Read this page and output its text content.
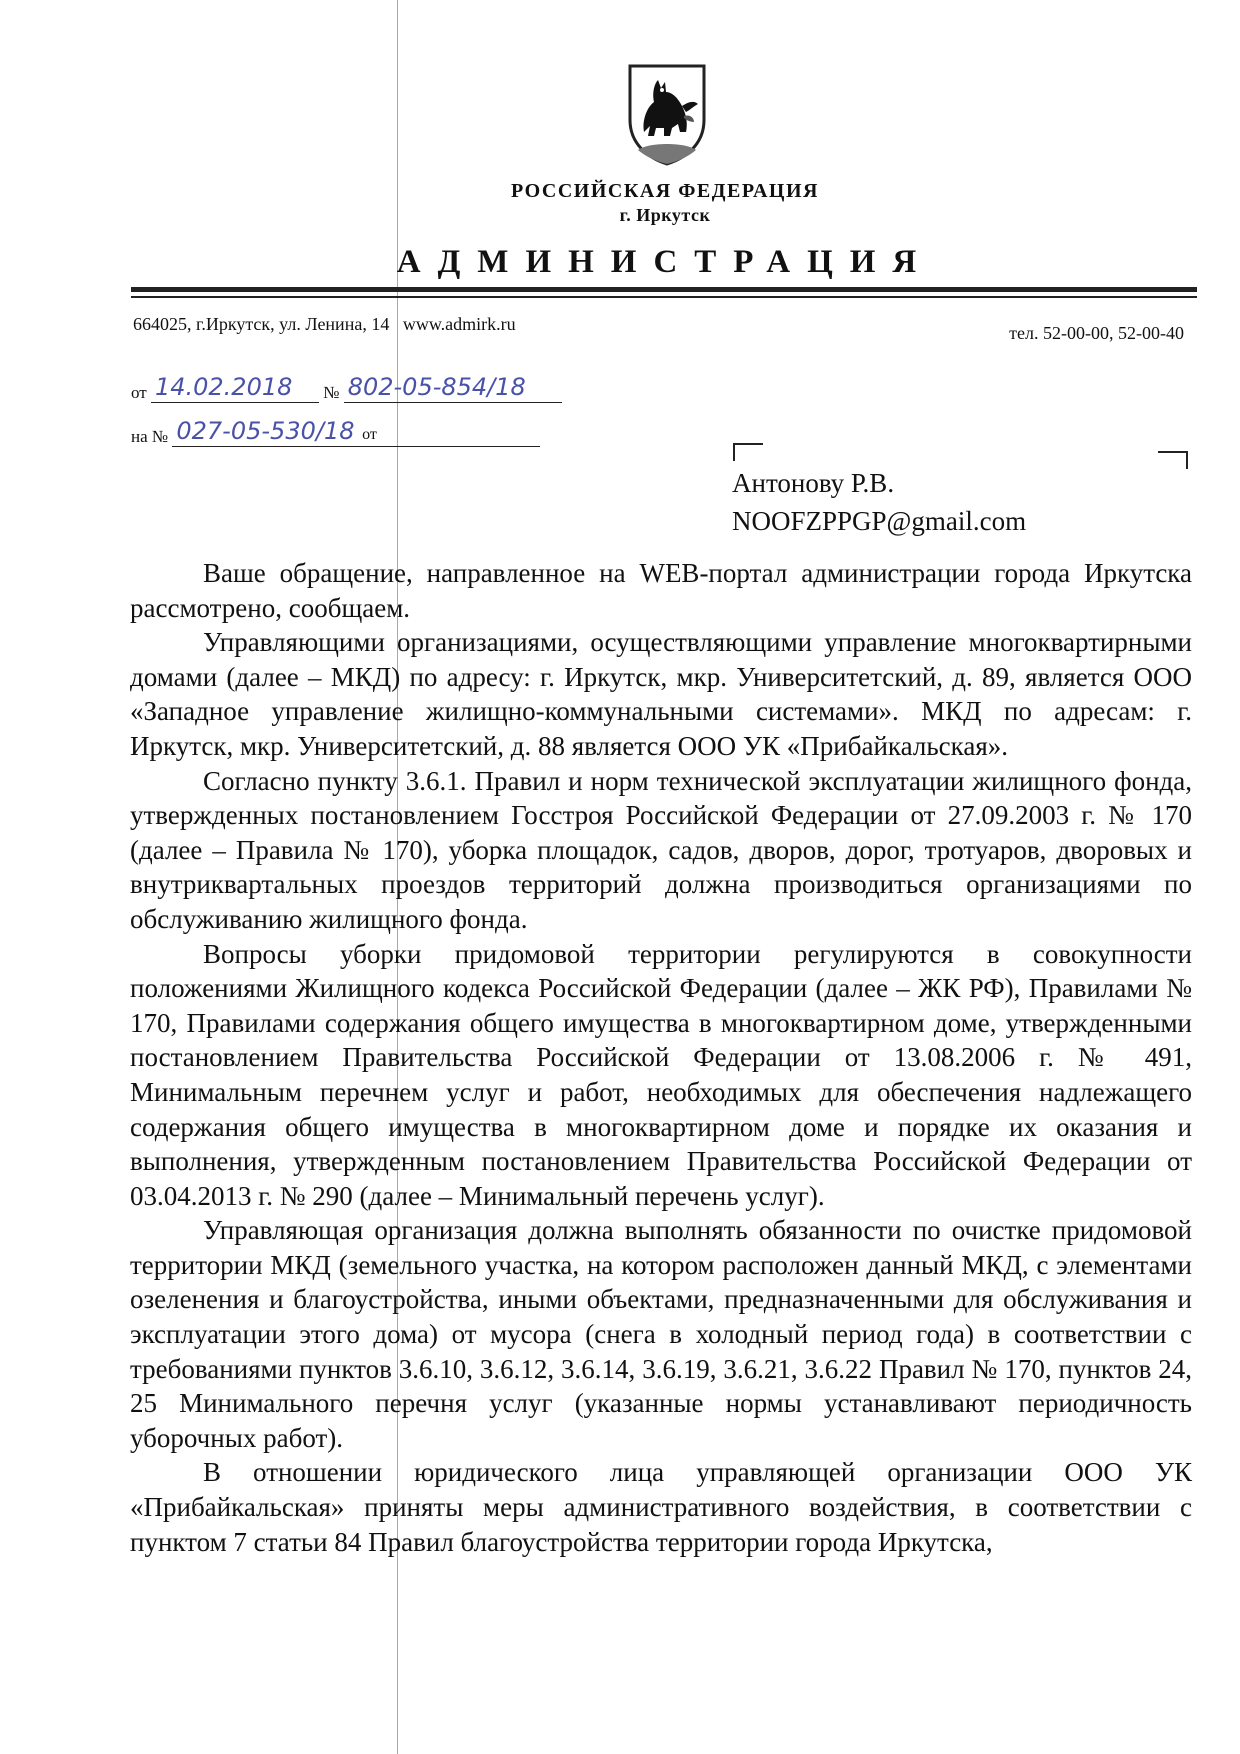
РОССИЙСКАЯ ФЕДЕРАЦИЯ
г. Иркутск
АДМИНИСТРАЦИЯ
664025, г.Иркутск, ул. Ленина, 14   www.admirk.ru	тел. 52-00-00, 52-00-40
от 14.02.2018 № 802-05-854/18
на № 027-05-530/18 от
Антонову Р.В.
NOOFZPPGP@gmail.com

Ваше обращение, направленное на WEB-портал администрации города Иркутска рассмотрено, сообщаем.

Управляющими организациями, осуществляющими управление многоквартирными домами (далее – МКД) по адресу: г. Иркутск, мкр. Университетский, д. 89, является ООО «Западное управление жилищно-коммунальными системами». МКД по адресам: г. Иркутск, мкр. Университетский, д. 88 является ООО УК «Прибайкальская».

Согласно пункту 3.6.1. Правил и норм технической эксплуатации жилищного фонда, утвержденных постановлением Госстроя Российской Федерации от 27.09.2003 г. № 170 (далее – Правила № 170), уборка площадок, садов, дворов, дорог, тротуаров, дворовых и внутриквартальных проездов территорий должна производиться организациями по обслуживанию жилищного фонда.

Вопросы уборки придомовой территории регулируются в совокупности положениями Жилищного кодекса Российской Федерации (далее – ЖК РФ), Правилами № 170, Правилами содержания общего имущества в многоквартирном доме, утвержденными постановлением Правительства Российской Федерации от 13.08.2006 г. № 491, Минимальным перечнем услуг и работ, необходимых для обеспечения надлежащего содержания общего имущества в многоквартирном доме и порядке их оказания и выполнения, утвержденным постановлением Правительства Российской Федерации от 03.04.2013 г. № 290 (далее – Минимальный перечень услуг).

Управляющая организация должна выполнять обязанности по очистке придомовой территории МКД (земельного участка, на котором расположен данный МКД, с элементами озеленения и благоустройства, иными объектами, предназначенными для обслуживания и эксплуатации этого дома) от мусора (снега в холодный период года) в соответствии с требованиями пунктов 3.6.10, 3.6.12, 3.6.14, 3.6.19, 3.6.21, 3.6.22 Правил № 170, пунктов 24, 25 Минимального перечня услуг (указанные нормы устанавливают периодичность уборочных работ).

В отношении юридического лица управляющей организации ООО УК «Прибайкальская» приняты меры административного воздействия, в соответствии с пунктом 7 статьи 84 Правил благоустройства территории города Иркутска,
